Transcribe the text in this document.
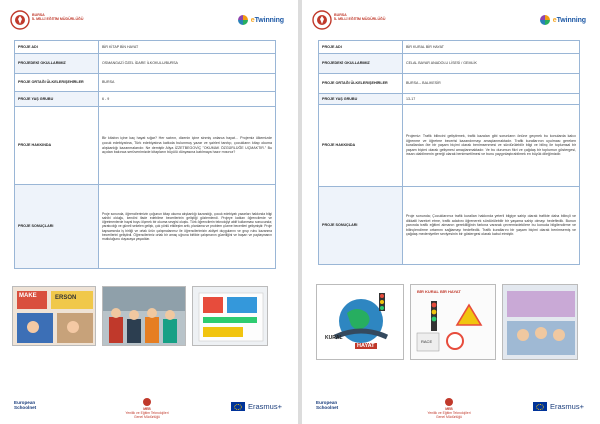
BURSA
İL MİLLİ EĞİTİM MÜDÜRLÜĞÜ	eTwinning
PROJE ADI	BİR KİTAP BİN HAYAT
PROJEDEKİ OKULLARIMIZ	OSMANGAZİ ÖZEL İDARE İLKOKULU/BURSA
PROJE ORTAĞI ÜLKELER/ŞEHİRLER	BURSA
PROJE YAŞ GRUBU	6 - 9
PROJE HAKKINDA	Bir kitabın içine kaç hayat sığar? Her satırın, dizenin içine sinmiş onlarca hayat… Projemiz ülkemizde çocuk edebiyatına, Türk edebiyatına katkıda bulunmuş yazar ve şairleri tanıtıp, çocukların kitap okuma alışkanlığı kazanmalarıdır. Ne demiştir Aliya İZZETBEGOVİÇ "OKUMAK ÖZGÜRLÜĞE UÇMAKTIR." Bu açıdan bakınca serüvenimizde kitapların büyülü dünyasına katılmaya hazır mısınız?
PROJE SONUÇLARI	Proje sonunda, öğrencilerimizin çoğunun kitap okuma alışkanlığı kazandığı, çocuk edebiyatı yazarları hakkında bilgi sahibi olduğu, kendini ifade edebilme becerilerinin geliştiği gözlemlendi. Projeye katılan öğrencilerde ve öğretmenlerde hayal boyu ölçmek bir okuma sevgisi oluştu. Türk öğrencilerin teknolojiyi aktif kullanması sonucunda; yaratıcılığı ve güneli sekelen geliştı, çok yönlü etkileşim arttı, planlama ve problem çözme becerileri gelişmiştir. Proje kapsamında iş birliği ve ortak ürün çalışmalarımız ile öğrencilerimizin aidiyet duygularını ve grup ruhu kazanma becerilerini geliştirdi. Öğrencilerimiz ortak bir amaç uğruna birlikte çalışmanın güzelliğini ve başarı ve paylaşmanın mutluluğunu duyacaya yaşadılar.
MAKE	ERSON
European
Schoolnet	MEB
Yenilik ve Eğitim Teknolojileri
Genel Müdürlüğü
Erasmus+
BURSA
İL MİLLİ EĞİTİM MÜDÜRLÜĞÜ	eTwinning
PROJE ADI	BİR KURAL BİR HAYAT
PROJEDEKİ OKULLARIMIZ	CELAL BAYAR ANADOLU LİSESİ / GEMLİK
PROJE ORTAĞI ÜLKELER/ŞEHİRLER	BURSA – BALIKESİR
PROJE YAŞ GRUBU	13-17
PROJE HAKKINDA	Projemiz: Trafik bilincini geliştirmek, trafik kazaları gibi sorunların önüne geçmek bu konularda kalıcı öğrenme ve öğretme becerisi kazandırmayı amaçlanmaktadır. Trafik kurallarının uyulması gereken kurallardan öte bir yaşam biçimi olarak benimsenmesi ve sürdürülebilir bilgi ve bilinç ile toplumsal bir yaşam biçimi olarak gelişmesi amaçlanmaktadır. Ve bu durumun fikri ve çağdaş bir toplumun göstergesi, insan olabilmenin gereği olarak benimsetilmesi ve bunu yaygınlaştırabilmek en büyük dileğimizdir.
PROJE SONUÇLARI	Proje sonunda; Çocuklarımız trafik kuralları hakkında yeterli bilgiye sahip olarak trafikte daha bilinçli ve dikkatli hareket etme, trafik adabını öğrenerek sürdürülebilir bir yaşama sahip olmayı hedefledik. Bunun yanında trafik eğitimi almanın gerekliliğinin farkına vararak çevremizdekilere bu konuda bilgilendirme ve bilinçlendirme ortamını sağlamayı hedefledik. Trafik kurallarını bir yaşam biçimi olarak benimsemiş ve çağdaş medeniyetler seviyesinin bir göstergesi olarak kabul etmiştir.
KURAL
HAYAT
BİR KURAL BİR HAYAT
RACE
European
Schoolnet	MEB
Yenilik ve Eğitim Teknolojileri
Genel Müdürlüğü
Erasmus+
